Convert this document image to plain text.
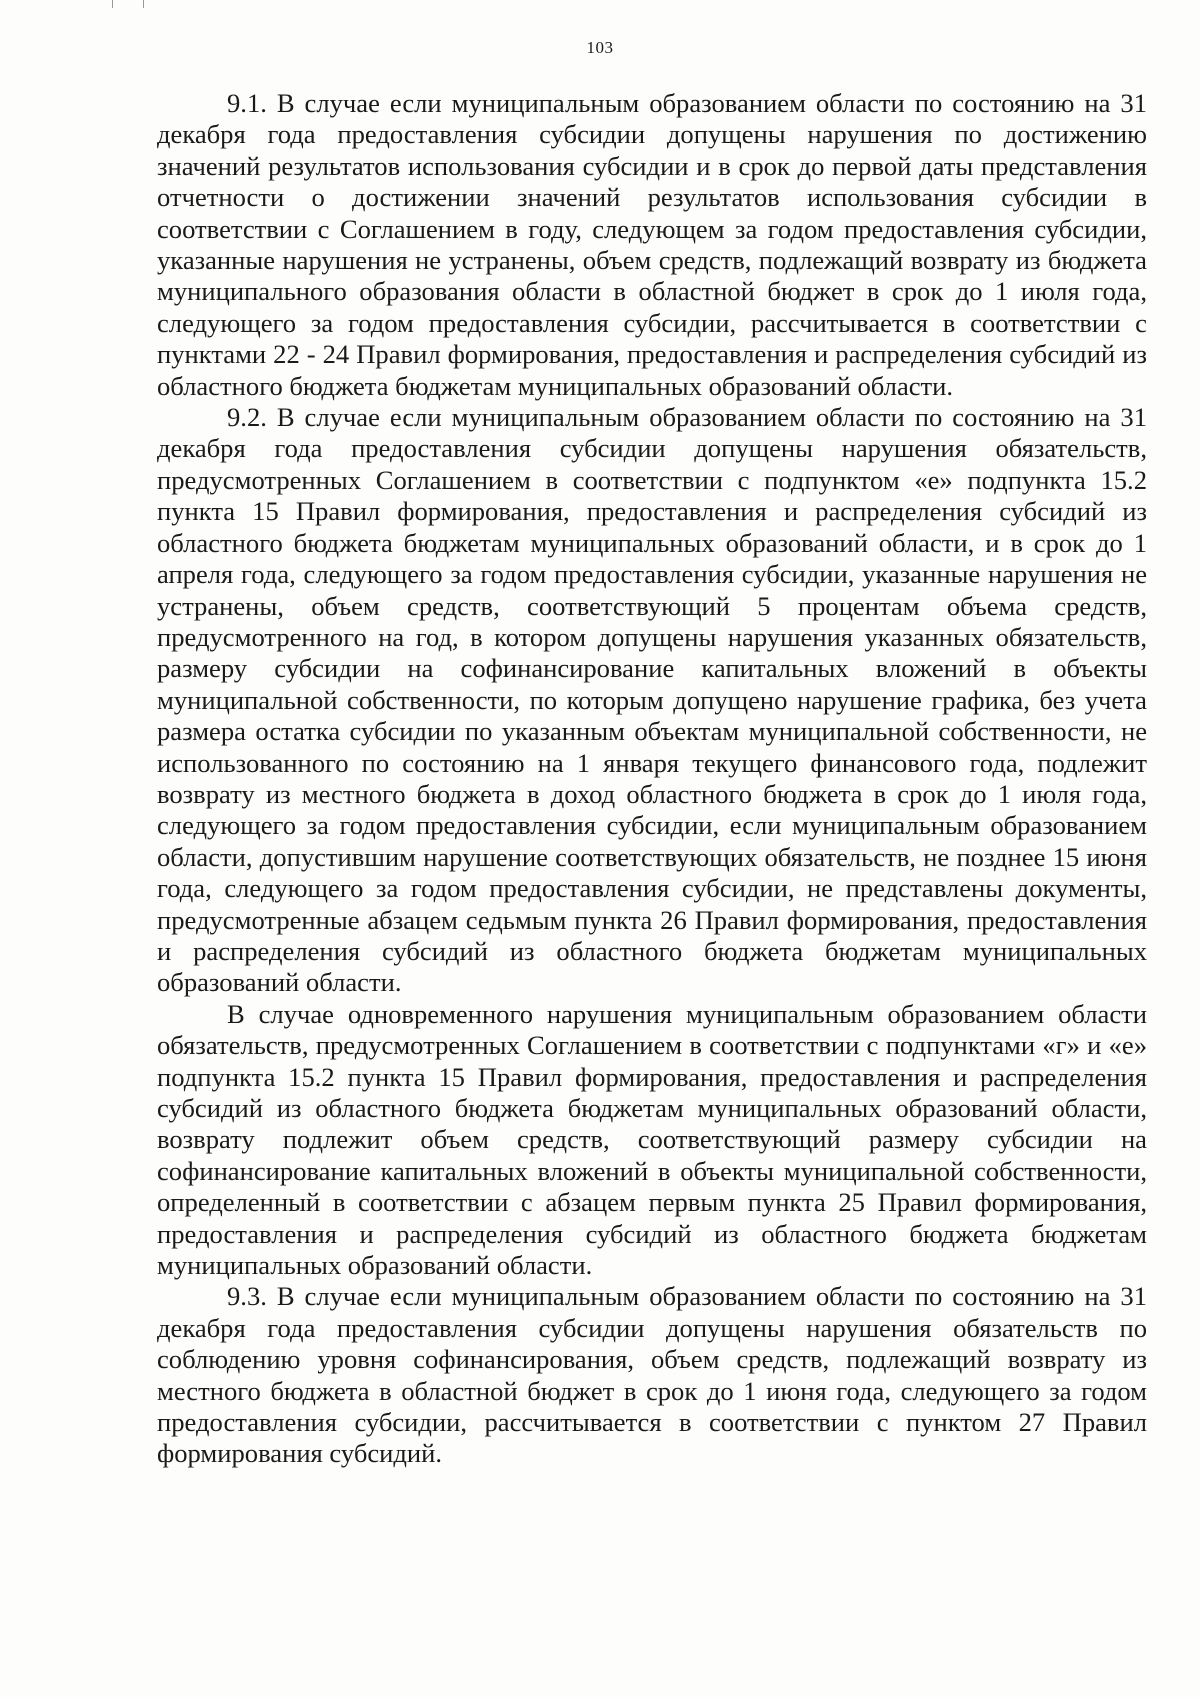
103

9.1. В случае если муниципальным образованием области по состоянию на 31 декабря года предоставления субсидии допущены нарушения по достижению значений результатов использования субсидии и в срок до первой даты представления отчетности о достижении значений результатов использования субсидии в соответствии с Соглашением в году, следующем за годом предоставления субсидии, указанные нарушения не устранены, объем средств, подлежащий возврату из бюджета муниципального образования области в областной бюджет в срок до 1 июля года, следующего за годом предоставления субсидии, рассчитывается в соответствии с пунктами 22 - 24 Правил формирования, предоставления и распределения субсидий из областного бюджета бюджетам муниципальных образований области.

9.2. В случае если муниципальным образованием области по состоянию на 31 декабря года предоставления субсидии допущены нарушения обязательств, предусмотренных Соглашением в соответствии с подпунктом «е» подпункта 15.2 пункта 15 Правил формирования, предоставления и распределения субсидий из областного бюджета бюджетам муниципальных образований области, и в срок до 1 апреля года, следующего за годом предоставления субсидии, указанные нарушения не устранены, объем средств, соответствующий 5 процентам объема средств, предусмотренного на год, в котором допущены нарушения указанных обязательств, размеру субсидии на софинансирование капитальных вложений в объекты муниципальной собственности, по которым допущено нарушение графика, без учета размера остатка субсидии по указанным объектам муниципальной собственности, не использованного по состоянию на 1 января текущего финансового года, подлежит возврату из местного бюджета в доход областного бюджета в срок до 1 июля года, следующего за годом предоставления субсидии, если муниципальным образованием области, допустившим нарушение соответствующих обязательств, не позднее 15 июня года, следующего за годом предоставления субсидии, не представлены документы, предусмотренные абзацем седьмым пункта 26 Правил формирования, предоставления и распределения субсидий из областного бюджета бюджетам муниципальных образований области.

В случае одновременного нарушения муниципальным образованием области обязательств, предусмотренных Соглашением в соответствии с подпунктами «г» и «е» подпункта 15.2 пункта 15 Правил формирования, предоставления и распределения субсидий из областного бюджета бюджетам муниципальных образований области, возврату подлежит объем средств, соответствующий размеру субсидии на софинансирование капитальных вложений в объекты муниципальной собственности, определенный в соответствии с абзацем первым пункта 25 Правил формирования, предоставления и распределения субсидий из областного бюджета бюджетам муниципальных образований области.

9.3. В случае если муниципальным образованием области по состоянию на 31 декабря года предоставления субсидии допущены нарушения обязательств по соблюдению уровня софинансирования, объем средств, подлежащий возврату из местного бюджета в областной бюджет в срок до 1 июня года, следующего за годом предоставления субсидии, рассчитывается в соответствии с пунктом 27 Правил формирования субсидий.
